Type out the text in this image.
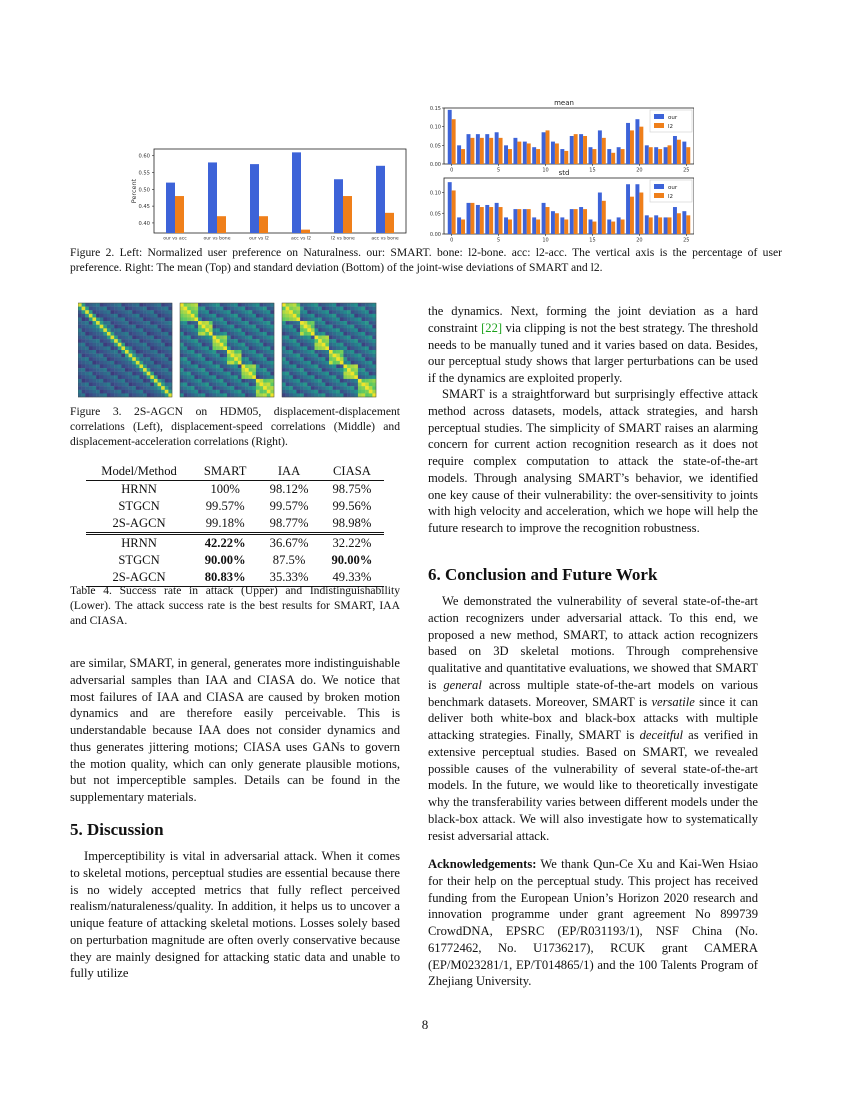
0.40
0.45
0.50
0.55
0.60
our vs acc	our vs bone	our vs l2	acc vs l2	l2 vs bone	acc vs bone
Percent
mean
0.00
0.05
0.10
0.15
0	5	10	15	20	25
our
l2
std
0.00
0.05
0.10
0	5	10	15	20	25
our
l2

Figure 2. Left: Normalized user preference on Naturalness. our: SMART. bone: l2-bone. acc: l2-acc. The vertical axis is the percentage of user preference. Right: The mean (Top) and standard deviation (Bottom) of the joint-wise deviations of SMART and l2.

Figure 3. 2S-AGCN on HDM05, displacement-displacement correlations (Left), displacement-speed correlations (Middle) and displacement-acceleration correlations (Right).

Model/Method	SMART	IAA	CIASA
HRNN	100%	98.12%	98.75%
STGCN	99.57%	99.57%	99.56%
2S-AGCN	99.18%	98.77%	98.98%
HRNN	42.22%	36.67%	32.22%
STGCN	90.00%	87.5%	90.00%
2S-AGCN	80.83%	35.33%	49.33%

Table 4. Success rate in attack (Upper) and Indistinguishability (Lower). The attack success rate is the best results for SMART, IAA and CIASA.

are similar, SMART, in general, generates more indistinguishable adversarial samples than IAA and CIASA do. We notice that most failures of IAA and CIASA are caused by broken motion dynamics and are therefore easily perceivable. This is understandable because IAA does not consider dynamics and thus generates jittering motions; CIASA uses GANs to govern the motion quality, which can only generate plausible motions, but not imperceptible samples. Details can be found in the supplementary materials.

5. Discussion

Imperceptibility is vital in adversarial attack. When it comes to skeletal motions, perceptual studies are essential because there is no widely accepted metrics that fully reflect perceived realism/naturaleness/quality. In addition, it helps us to uncover a unique feature of attacking skeletal motions. Losses solely based on perturbation magnitude are often overly conservative because they are mainly designed for attacking static data and unable to fully utilize

the dynamics. Next, forming the joint deviation as a hard constraint [22] via clipping is not the best strategy. The threshold needs to be manually tuned and it varies based on data. Besides, our perceptual study shows that larger perturbations can be used if the dynamics are exploited properly.

SMART is a straightforward but surprisingly effective attack method across datasets, models, attack strategies, and harsh perceptual studies. The simplicity of SMART raises an alarming concern for current action recognition research as it does not require complex computation to attack the state-of-the-art models. Through analysing SMART’s behavior, we identified one key cause of their vulnerability: the over-sensitivity to joints with high velocity and acceleration, which we hope will help the future research to improve the recognition robustness.

6. Conclusion and Future Work

We demonstrated the vulnerability of several state-of-the-art action recognizers under adversarial attack. To this end, we proposed a new method, SMART, to attack action recognizers based on 3D skeletal motions. Through comprehensive qualitative and quantitative evaluations, we showed that SMART is general across multiple state-of-the-art models on various benchmark datasets. Moreover, SMART is versatile since it can deliver both white-box and black-box attacks with multiple attacking strategies. Finally, SMART is deceitful as verified in extensive perceptual studies. Based on SMART, we revealed possible causes of the vulnerability of several state-of-the-art models. In the future, we would like to theoretically investigate why the transferability varies between different models under the black-box attack. We will also investigate how to systematically resist adversarial attack.

Acknowledgements: We thank Qun-Ce Xu and Kai-Wen Hsiao for their help on the perceptual study. This project has received funding from the European Union’s Horizon 2020 research and innovation programme under grant agreement No 899739 CrowdDNA, EPSRC (EP/R031193/1), NSF China (No. 61772462, No. U1736217), RCUK grant CAMERA (EP/M023281/1, EP/T014865/1) and the 100 Talents Program of Zhejiang University.

8
